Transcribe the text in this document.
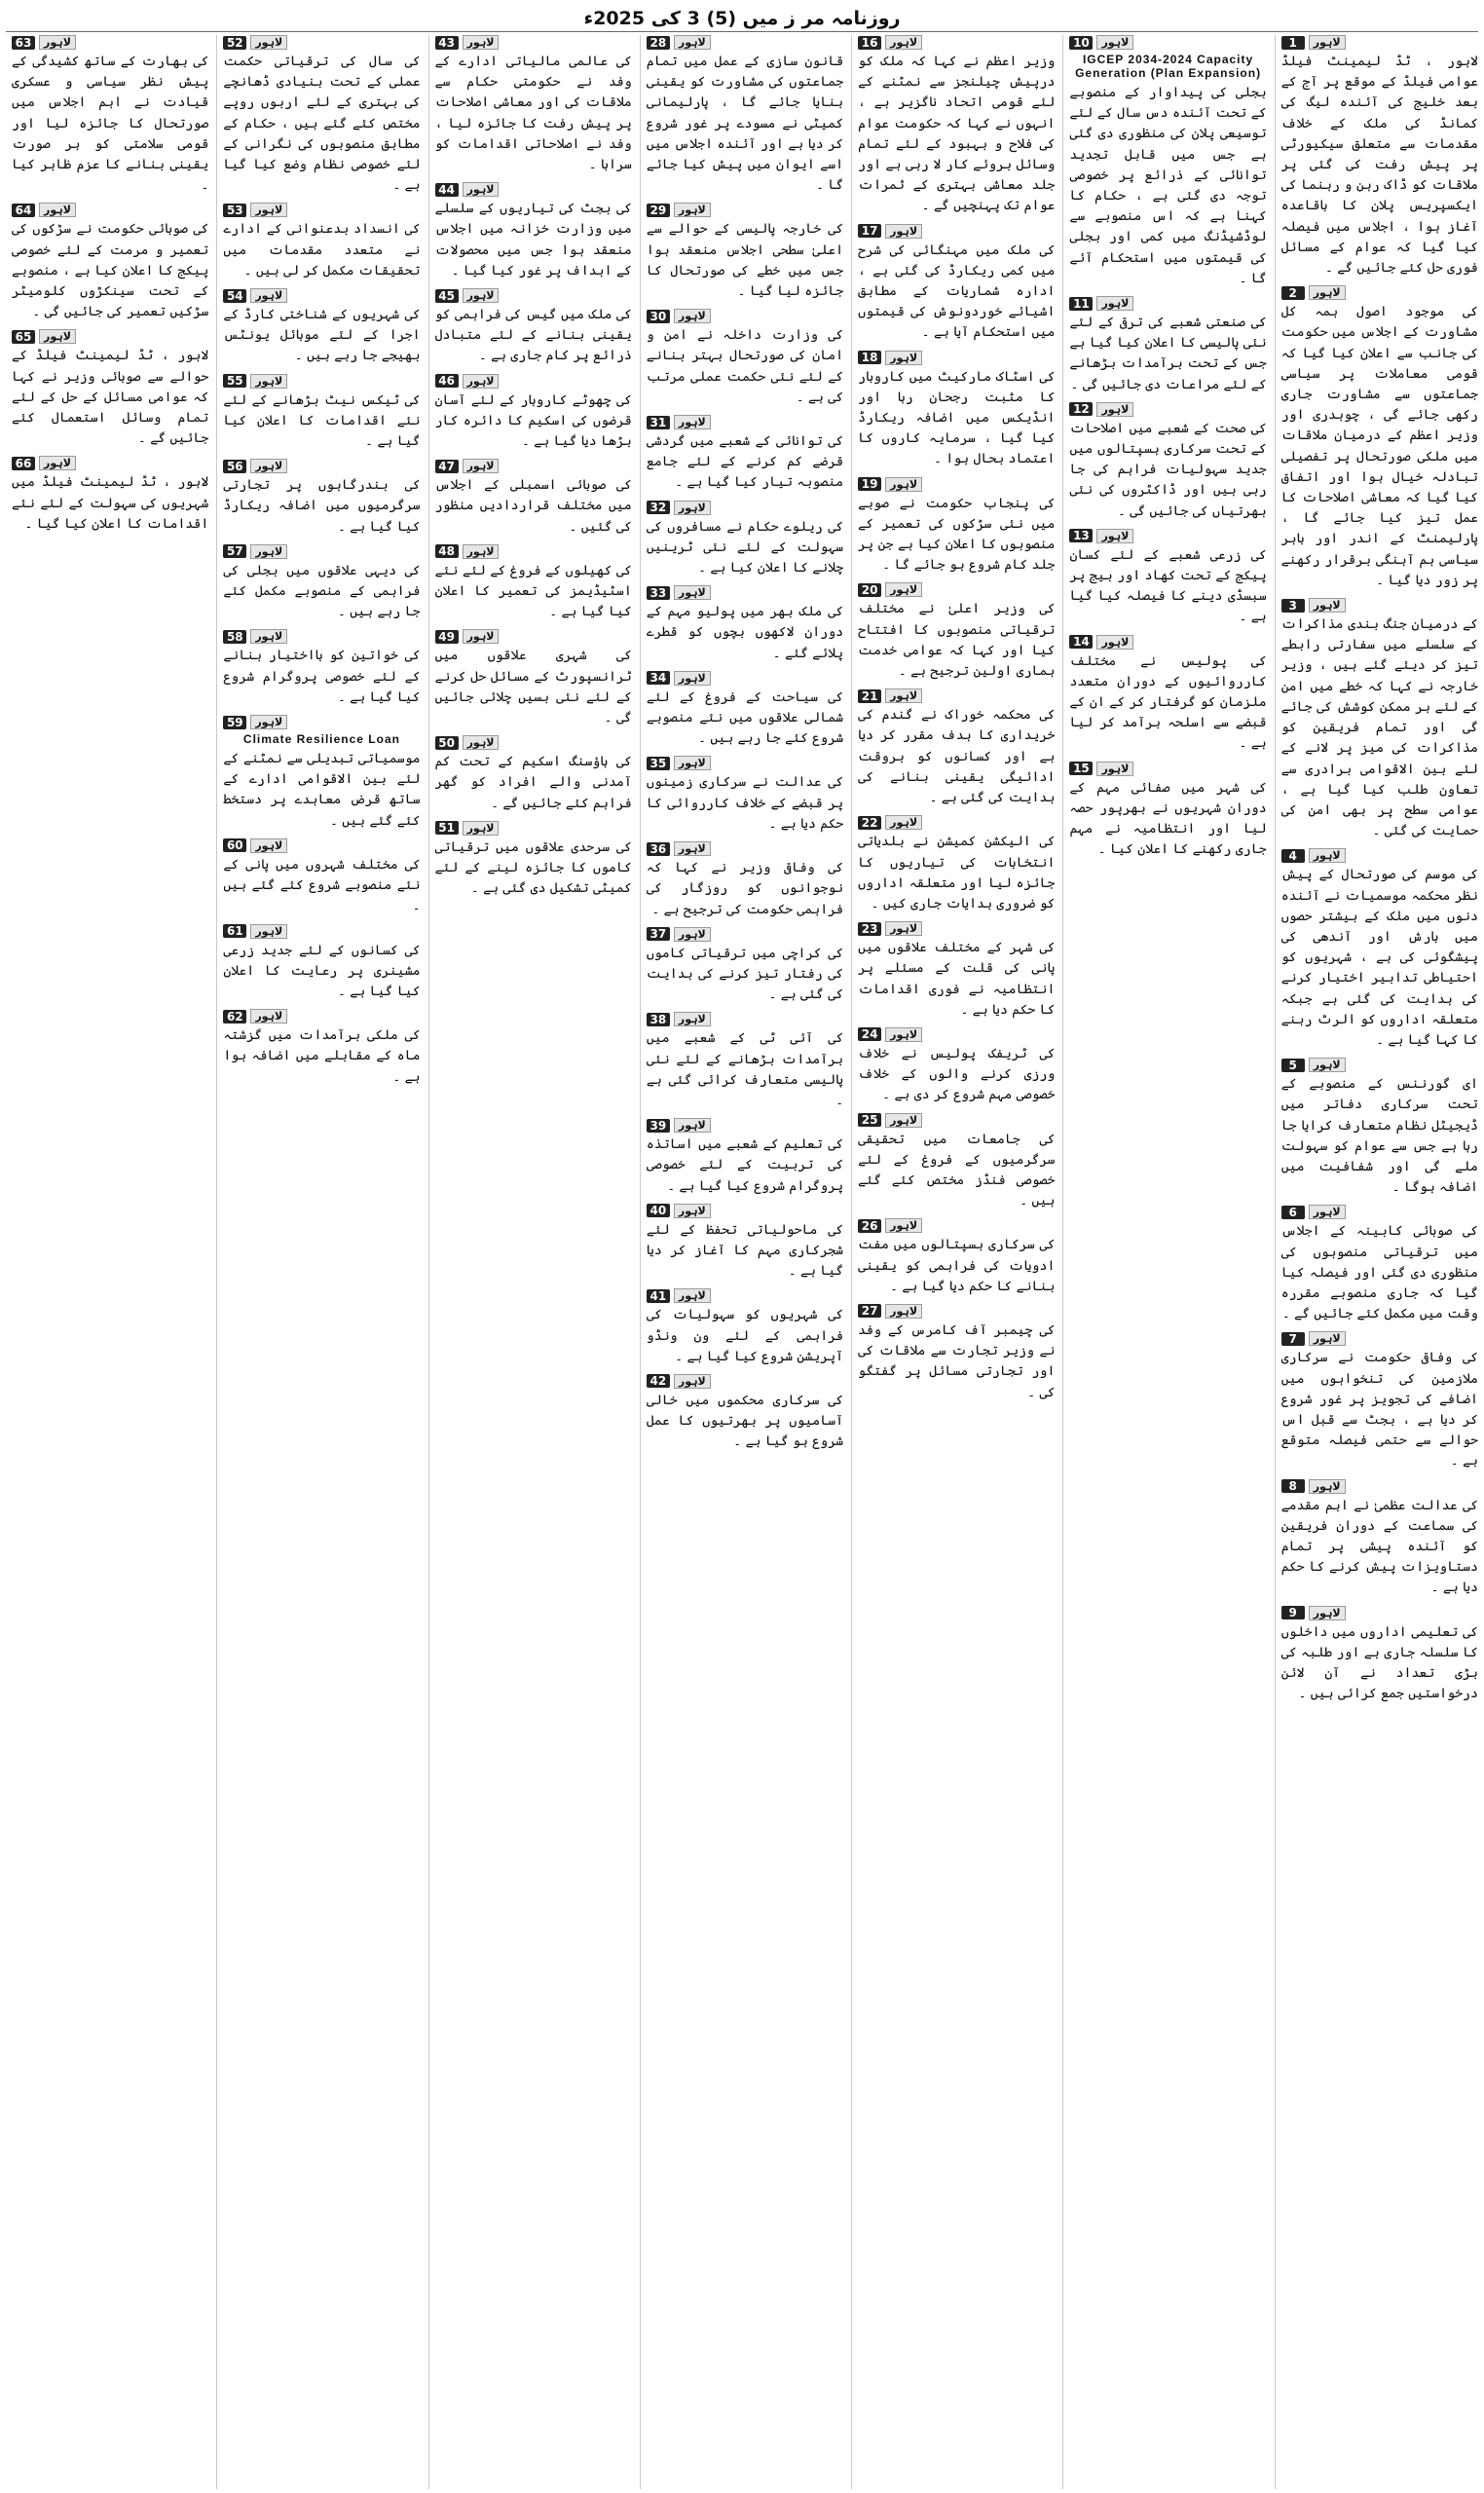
روزنامہ مر ز میں (5) 3 کی 2025ء
1	لاہور
لاہور ، ٹڈ لیمینٹ فیلڈ عوامی فیلڈ کے موقع پر آج کے بعد خلیج کی آئندہ لیگ کی کمانڈ کی ملک کے خلاف مقدمات سے متعلق سیکیورٹی پر پیش رفت کی گئی پر ملاقات کو ڈاک رہن و رہنما کی ایکسپریس پلان کا باقاعدہ آغاز ہوا ، اجلاس میں فیصلہ کیا گیا کہ عوام کے مسائل فوری حل کئے جائیں گے ۔
2	لاہور
کی موجود اصول ہمہ کل مشاورت کے اجلاس میں حکومت کی جانب سے اعلان کیا گیا کہ قومی معاملات پر سیاسی جماعتوں سے مشاورت جاری رکھی جائے گی ، چوہدری اور وزیر اعظم کے درمیان ملاقات میں ملکی صورتحال پر تفصیلی تبادلہ خیال ہوا اور اتفاق کیا گیا کہ معاشی اصلاحات کا عمل تیز کیا جائے گا ، پارلیمنٹ کے اندر اور باہر سیاسی ہم آہنگی برقرار رکھنے پر زور دیا گیا ۔
3	لاہور
کے درمیان جنگ بندی مذاکرات کے سلسلے میں سفارتی رابطے تیز کر دیئے گئے ہیں ، وزیر خارجہ نے کہا کہ خطے میں امن کے لئے ہر ممکن کوشش کی جائے گی اور تمام فریقین کو مذاکرات کی میز پر لانے کے لئے بین الاقوامی برادری سے تعاون طلب کیا گیا ہے ، عوامی سطح پر بھی امن کی حمایت کی گئی ۔
4	لاہور
کی موسم کی صورتحال کے پیش نظر محکمہ موسمیات نے آئندہ دنوں میں ملک کے بیشتر حصوں میں بارش اور آندھی کی پیشگوئی کی ہے ، شہریوں کو احتیاطی تدابیر اختیار کرنے کی ہدایت کی گئی ہے جبکہ متعلقہ اداروں کو الرٹ رہنے کا کہا گیا ہے ۔
5	لاہور
ای گورننس کے منصوبے کے تحت سرکاری دفاتر میں ڈیجیٹل نظام متعارف کرایا جا رہا ہے جس سے عوام کو سہولت ملے گی اور شفافیت میں اضافہ ہوگا ۔
6	لاہور
کی صوبائی کابینہ کے اجلاس میں ترقیاتی منصوبوں کی منظوری دی گئی اور فیصلہ کیا گیا کہ جاری منصوبے مقررہ وقت میں مکمل کئے جائیں گے ۔
7	لاہور
کی وفاقی حکومت نے سرکاری ملازمین کی تنخواہوں میں اضافے کی تجویز پر غور شروع کر دیا ہے ، بجٹ سے قبل اس حوالے سے حتمی فیصلہ متوقع ہے ۔
8	لاہور
کی عدالت عظمیٰ نے اہم مقدمے کی سماعت کے دوران فریقین کو آئندہ پیشی پر تمام دستاویزات پیش کرنے کا حکم دیا ہے ۔
9	لاہور
کی تعلیمی اداروں میں داخلوں کا سلسلہ جاری ہے اور طلبہ کی بڑی تعداد نے آن لائن درخواستیں جمع کرائی ہیں ۔
10	لاہور
IGCEP 2034-2024 Capacity Generation (Plan Expansion)
بجلی کی پیداوار کے منصوبے کے تحت آئندہ دس سال کے لئے توسیعی پلان کی منظوری دی گئی ہے جس میں قابل تجدید توانائی کے ذرائع پر خصوصی توجہ دی گئی ہے ، حکام کا کہنا ہے کہ اس منصوبے سے لوڈشیڈنگ میں کمی اور بجلی کی قیمتوں میں استحکام آئے گا ۔
11	لاہور
کی صنعتی شعبے کی ترقی کے لئے نئی پالیسی کا اعلان کیا گیا ہے جس کے تحت برآمدات بڑھانے کے لئے مراعات دی جائیں گی ۔
12	لاہور
کی صحت کے شعبے میں اصلاحات کے تحت سرکاری ہسپتالوں میں جدید سہولیات فراہم کی جا رہی ہیں اور ڈاکٹروں کی نئی بھرتیاں کی جائیں گی ۔
13	لاہور
کی زرعی شعبے کے لئے کسان پیکج کے تحت کھاد اور بیج پر سبسڈی دینے کا فیصلہ کیا گیا ہے ۔
14	لاہور
کی پولیس نے مختلف کارروائیوں کے دوران متعدد ملزمان کو گرفتار کر کے ان کے قبضے سے اسلحہ برآمد کر لیا ہے ۔
15	لاہور
کی شہر میں صفائی مہم کے دوران شہریوں نے بھرپور حصہ لیا اور انتظامیہ نے مہم جاری رکھنے کا اعلان کیا ۔
16	لاہور
وزیر اعظم نے کہا کہ ملک کو درپیش چیلنجز سے نمٹنے کے لئے قومی اتحاد ناگزیر ہے ، انہوں نے کہا کہ حکومت عوام کی فلاح و بہبود کے لئے تمام وسائل بروئے کار لا رہی ہے اور جلد معاشی بہتری کے ثمرات عوام تک پہنچیں گے ۔
17	لاہور
کی ملک میں مہنگائی کی شرح میں کمی ریکارڈ کی گئی ہے ، ادارہ شماریات کے مطابق اشیائے خوردونوش کی قیمتوں میں استحکام آیا ہے ۔
18	لاہور
کی اسٹاک مارکیٹ میں کاروبار کا مثبت رجحان رہا اور انڈیکس میں اضافہ ریکارڈ کیا گیا ، سرمایہ کاروں کا اعتماد بحال ہوا ۔
19	لاہور
کی پنجاب حکومت نے صوبے میں نئی سڑکوں کی تعمیر کے منصوبوں کا اعلان کیا ہے جن پر جلد کام شروع ہو جائے گا ۔
20	لاہور
کی وزیر اعلیٰ نے مختلف ترقیاتی منصوبوں کا افتتاح کیا اور کہا کہ عوامی خدمت ہماری اولین ترجیح ہے ۔
21	لاہور
کی محکمہ خوراک نے گندم کی خریداری کا ہدف مقرر کر دیا ہے اور کسانوں کو بروقت ادائیگی یقینی بنانے کی ہدایت کی گئی ہے ۔
22	لاہور
کی الیکشن کمیشن نے بلدیاتی انتخابات کی تیاریوں کا جائزہ لیا اور متعلقہ اداروں کو ضروری ہدایات جاری کیں ۔
23	لاہور
کی شہر کے مختلف علاقوں میں پانی کی قلت کے مسئلے پر انتظامیہ نے فوری اقدامات کا حکم دیا ہے ۔
24	لاہور
کی ٹریفک پولیس نے خلاف ورزی کرنے والوں کے خلاف خصوصی مہم شروع کر دی ہے ۔
25	لاہور
کی جامعات میں تحقیقی سرگرمیوں کے فروغ کے لئے خصوصی فنڈز مختص کئے گئے ہیں ۔
26	لاہور
کی سرکاری ہسپتالوں میں مفت ادویات کی فراہمی کو یقینی بنانے کا حکم دیا گیا ہے ۔
27	لاہور
کی چیمبر آف کامرس کے وفد نے وزیر تجارت سے ملاقات کی اور تجارتی مسائل پر گفتگو کی ۔
28	لاہور
قانون سازی کے عمل میں تمام جماعتوں کی مشاورت کو یقینی بنایا جائے گا ، پارلیمانی کمیٹی نے مسودے پر غور شروع کر دیا ہے اور آئندہ اجلاس میں اسے ایوان میں پیش کیا جائے گا ۔
29	لاہور
کی خارجہ پالیسی کے حوالے سے اعلیٰ سطحی اجلاس منعقد ہوا جس میں خطے کی صورتحال کا جائزہ لیا گیا ۔
30	لاہور
کی وزارت داخلہ نے امن و امان کی صورتحال بہتر بنانے کے لئے نئی حکمت عملی مرتب کی ہے ۔
31	لاہور
کی توانائی کے شعبے میں گردشی قرضے کم کرنے کے لئے جامع منصوبہ تیار کیا گیا ہے ۔
32	لاہور
کی ریلوے حکام نے مسافروں کی سہولت کے لئے نئی ٹرینیں چلانے کا اعلان کیا ہے ۔
33	لاہور
کی ملک بھر میں پولیو مہم کے دوران لاکھوں بچوں کو قطرے پلائے گئے ۔
34	لاہور
کی سیاحت کے فروغ کے لئے شمالی علاقوں میں نئے منصوبے شروع کئے جا رہے ہیں ۔
35	لاہور
کی عدالت نے سرکاری زمینوں پر قبضے کے خلاف کارروائی کا حکم دیا ہے ۔
36	لاہور
کی وفاقی وزیر نے کہا کہ نوجوانوں کو روزگار کی فراہمی حکومت کی ترجیح ہے ۔
37	لاہور
کی کراچی میں ترقیاتی کاموں کی رفتار تیز کرنے کی ہدایت کی گئی ہے ۔
38	لاہور
کی آئی ٹی کے شعبے میں برآمدات بڑھانے کے لئے نئی پالیسی متعارف کرائی گئی ہے ۔
39	لاہور
کی تعلیم کے شعبے میں اساتذہ کی تربیت کے لئے خصوصی پروگرام شروع کیا گیا ہے ۔
40	لاہور
کی ماحولیاتی تحفظ کے لئے شجرکاری مہم کا آغاز کر دیا گیا ہے ۔
41	لاہور
کی شہریوں کو سہولیات کی فراہمی کے لئے ون ونڈو آپریشن شروع کیا گیا ہے ۔
42	لاہور
کی سرکاری محکموں میں خالی آسامیوں پر بھرتیوں کا عمل شروع ہو گیا ہے ۔
43	لاہور
کی عالمی مالیاتی ادارے کے وفد نے حکومتی حکام سے ملاقات کی اور معاشی اصلاحات پر پیش رفت کا جائزہ لیا ، وفد نے اصلاحاتی اقدامات کو سراہا ۔
44	لاہور
کی بجٹ کی تیاریوں کے سلسلے میں وزارت خزانہ میں اجلاس منعقد ہوا جس میں محصولات کے اہداف پر غور کیا گیا ۔
45	لاہور
کی ملک میں گیس کی فراہمی کو یقینی بنانے کے لئے متبادل ذرائع پر کام جاری ہے ۔
46	لاہور
کی چھوٹے کاروبار کے لئے آسان قرضوں کی اسکیم کا دائرہ کار بڑھا دیا گیا ہے ۔
47	لاہور
کی صوبائی اسمبلی کے اجلاس میں مختلف قراردادیں منظور کی گئیں ۔
48	لاہور
کی کھیلوں کے فروغ کے لئے نئے اسٹیڈیمز کی تعمیر کا اعلان کیا گیا ہے ۔
49	لاہور
کی شہری علاقوں میں ٹرانسپورٹ کے مسائل حل کرنے کے لئے نئی بسیں چلائی جائیں گی ۔
50	لاہور
کی ہاؤسنگ اسکیم کے تحت کم آمدنی والے افراد کو گھر فراہم کئے جائیں گے ۔
51	لاہور
کی سرحدی علاقوں میں ترقیاتی کاموں کا جائزہ لینے کے لئے کمیٹی تشکیل دی گئی ہے ۔
52	لاہور
کی سال کی ترقیاتی حکمت عملی کے تحت بنیادی ڈھانچے کی بہتری کے لئے اربوں روپے مختص کئے گئے ہیں ، حکام کے مطابق منصوبوں کی نگرانی کے لئے خصوصی نظام وضع کیا گیا ہے ۔
53	لاہور
کی انسداد بدعنوانی کے ادارے نے متعدد مقدمات میں تحقیقات مکمل کر لی ہیں ۔
54	لاہور
کی شہریوں کے شناختی کارڈ کے اجرا کے لئے موبائل یونٹس بھیجے جا رہے ہیں ۔
55	لاہور
کی ٹیکس نیٹ بڑھانے کے لئے نئے اقدامات کا اعلان کیا گیا ہے ۔
56	لاہور
کی بندرگاہوں پر تجارتی سرگرمیوں میں اضافہ ریکارڈ کیا گیا ہے ۔
57	لاہور
کی دیہی علاقوں میں بجلی کی فراہمی کے منصوبے مکمل کئے جا رہے ہیں ۔
58	لاہور
کی خواتین کو بااختیار بنانے کے لئے خصوصی پروگرام شروع کیا گیا ہے ۔
59	لاہور
Climate Resilience Loan
موسمیاتی تبدیلی سے نمٹنے کے لئے بین الاقوامی ادارے کے ساتھ قرض معاہدے پر دستخط کئے گئے ہیں ۔
60	لاہور
کی مختلف شہروں میں پانی کے نئے منصوبے شروع کئے گئے ہیں ۔
61	لاہور
کی کسانوں کے لئے جدید زرعی مشینری پر رعایت کا اعلان کیا گیا ہے ۔
62	لاہور
کی ملکی برآمدات میں گزشتہ ماہ کے مقابلے میں اضافہ ہوا ہے ۔
63	لاہور
کی بھارت کے ساتھ کشیدگی کے پیش نظر سیاسی و عسکری قیادت نے اہم اجلاس میں صورتحال کا جائزہ لیا اور قومی سلامتی کو ہر صورت یقینی بنانے کا عزم ظاہر کیا ۔
64	لاہور
کی صوبائی حکومت نے سڑکوں کی تعمیر و مرمت کے لئے خصوصی پیکج کا اعلان کیا ہے ، منصوبے کے تحت سینکڑوں کلومیٹر سڑکیں تعمیر کی جائیں گی ۔
65	لاہور
لاہور ، ٹڈ لیمینٹ فیلڈ کے حوالے سے صوبائی وزیر نے کہا کہ عوامی مسائل کے حل کے لئے تمام وسائل استعمال کئے جائیں گے ۔
66	لاہور
لاہور ، ٹڈ لیمینٹ فیلڈ میں شہریوں کی سہولت کے لئے نئے اقدامات کا اعلان کیا گیا ۔
